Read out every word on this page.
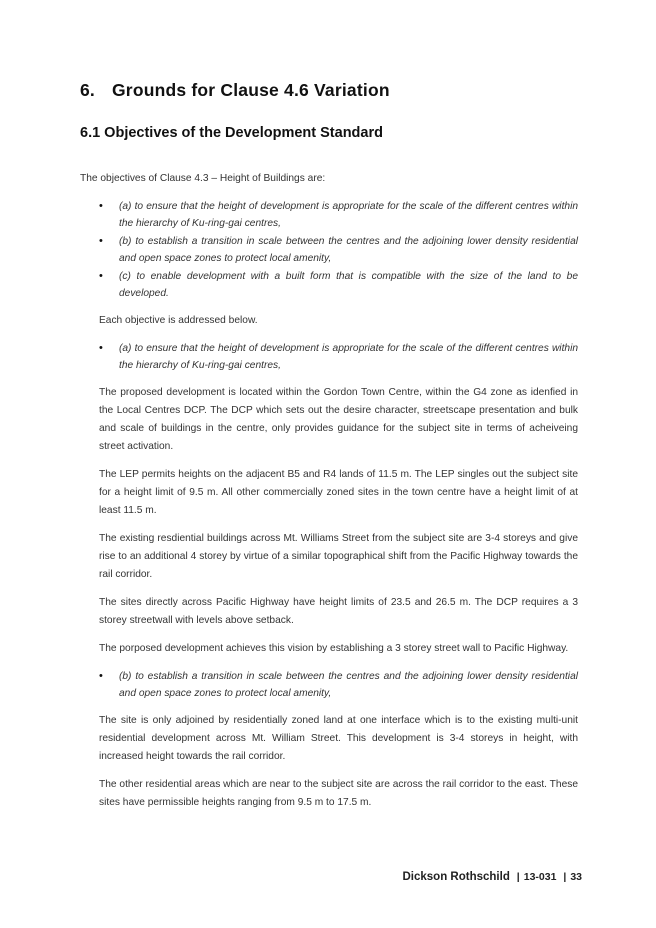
6. Grounds for Clause 4.6 Variation
6.1 Objectives of the Development Standard

The objectives of Clause 4.3 – Height of Buildings are:

• (a) to ensure that the height of development is appropriate for the scale of the different centres within the hierarchy of Ku-ring-gai centres,
• (b) to establish a transition in scale between the centres and the adjoining lower density residential and open space zones to protect local amenity,
• (c) to enable development with a built form that is compatible with the size of the land to be developed.

Each objective is addressed below.

• (a) to ensure that the height of development is appropriate for the scale of the different centres within the hierarchy of Ku-ring-gai centres,

The proposed development is located within the Gordon Town Centre, within the G4 zone as idenfied in the Local Centres DCP. The DCP which sets out the desire character, streetscape presentation and bulk and scale of buildings in the centre, only provides guidance for the subject site in terms of acheiveing street activation.

The LEP permits heights on the adjacent B5 and R4 lands of 11.5 m. The LEP singles out the subject site for a height limit of 9.5 m. All other commercially zoned sites in the town centre have a height limit of at least 11.5 m.

The existing resdiential buildings across Mt. Williams Street from the subject site are 3-4 storeys and give rise to an additional 4 storey by virtue of a similar topographical shift from the Pacific Highway towards the rail corridor.

The sites directly across Pacific Highway have height limits of 23.5 and 26.5 m. The DCP requires a 3 storey streetwall with levels above setback.

The porposed development achieves this vision by establishing a 3 storey street wall to Pacific Highway.

• (b) to establish a transition in scale between the centres and the adjoining lower density residential and open space zones to protect local amenity,

The site is only adjoined by residentially zoned land at one interface which is to the existing multi-unit residential development across Mt. William Street. This development is 3-4 storeys in height, with increased height towards the rail corridor.

The other residential areas which are near to the subject site are across the rail corridor to the east. These sites have permissible heights ranging from 9.5 m to 17.5 m.

Dickson Rothschild | 13-031 | 33
